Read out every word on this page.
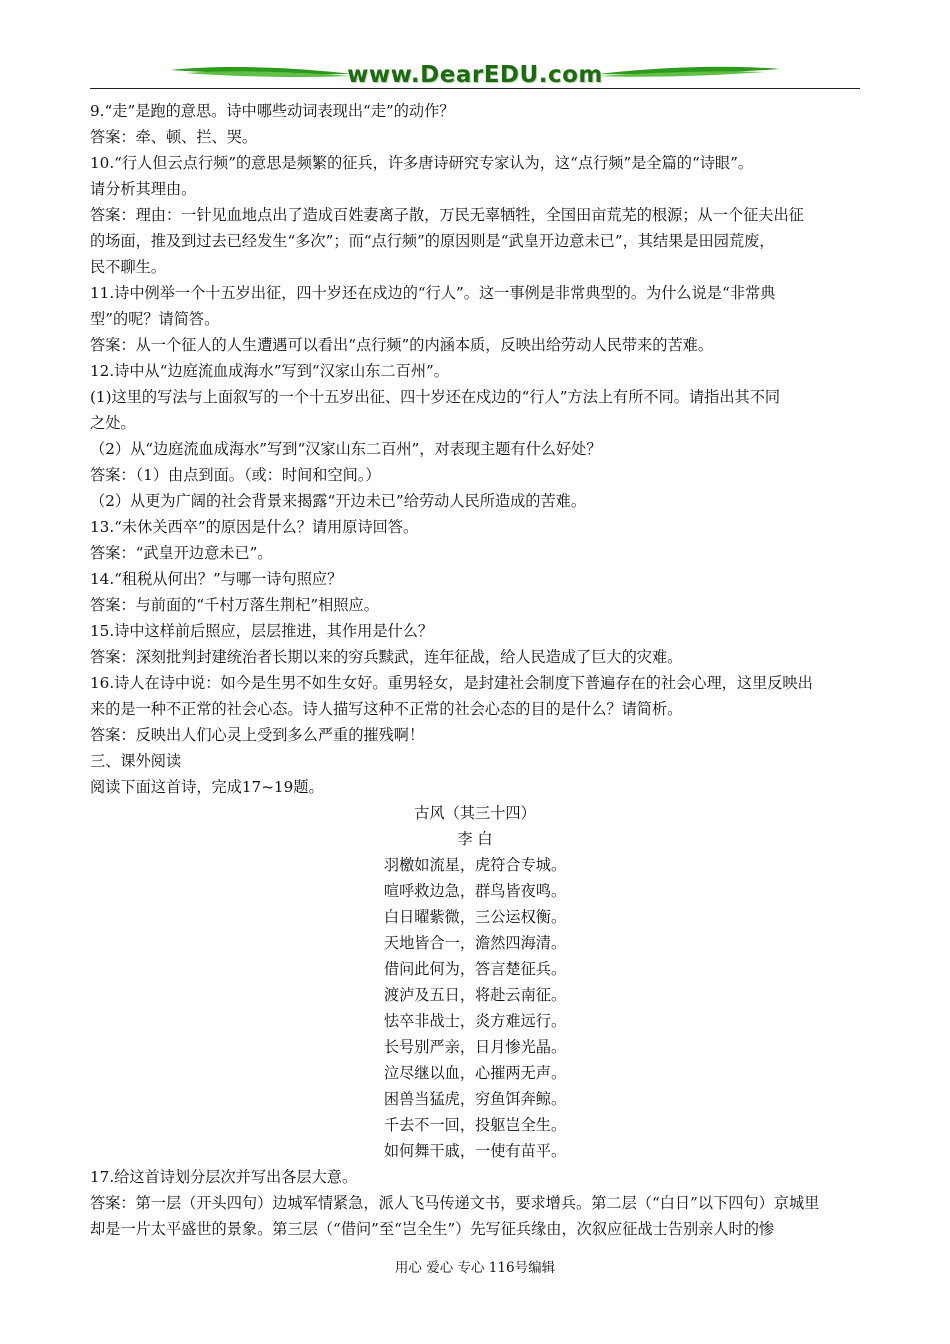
www.DearEDU.com
9.“走”是跑的意思。诗中哪些动词表现出“走”的动作？
答案：牵、顿、拦、哭。
10.“行人但云点行频”的意思是频繁的征兵，许多唐诗研究专家认为，这“点行频”是全篇的“诗眼”。
请分析其理由。
答案：理由：一针见血地点出了造成百姓妻离子散，万民无辜牺牲，全国田亩荒芜的根源；从一个征夫出征
的场面，推及到过去已经发生“多次”；而“点行频”的原因则是“武皇开边意未已”，其结果是田园荒废，
民不聊生。
11.诗中例举一个十五岁出征，四十岁还在戍边的“行人”。这一事例是非常典型的。为什么说是“非常典
型”的呢？请简答。
答案：从一个征人的人生遭遇可以看出“点行频”的内涵本质，反映出给劳动人民带来的苦难。
12.诗中从“边庭流血成海水”写到“汉家山东二百州”。
(1)这里的写法与上面叙写的一个十五岁出征、四十岁还在戍边的“行人”方法上有所不同。请指出其不同
之处。
（2）从“边庭流血成海水”写到“汉家山东二百州”，对表现主题有什么好处？
答案：（1）由点到面。（或：时间和空间。）
（2）从更为广阔的社会背景来揭露“开边未已”给劳动人民所造成的苦难。
13.“未休关西卒”的原因是什么？请用原诗回答。
答案：“武皇开边意未已”。
14.“租税从何出？”与哪一诗句照应？
答案：与前面的“千村万落生荆杞”相照应。
15.诗中这样前后照应，层层推进，其作用是什么？
答案：深刻批判封建统治者长期以来的穷兵黩武，连年征战，给人民造成了巨大的灾难。
16.诗人在诗中说：如今是生男不如生女好。重男轻女，是封建社会制度下普遍存在的社会心理，这里反映出
来的是一种不正常的社会心态。诗人描写这种不正常的社会心态的目的是什么？请简析。
答案：反映出人们心灵上受到多么严重的摧残啊！
三、课外阅读
阅读下面这首诗，完成17~19题。
古风（其三十四）
李 白
羽檄如流星，虎符合专城。
喧呼救边急，群鸟皆夜鸣。
白日曜紫微，三公运权衡。
天地皆合一，澹然四海清。
借问此何为，答言楚征兵。
渡泸及五日，将赴云南征。
怯卒非战士，炎方难远行。
长号别严亲，日月惨光晶。
泣尽继以血，心摧两无声。
困兽当猛虎，穷鱼饵奔鲸。
千去不一回，投躯岂全生。
如何舞干戚，一使有苗平。
17.给这首诗划分层次并写出各层大意。
答案：第一层（开头四句）边城军情紧急，派人飞马传递文书，要求增兵。第二层（“白日”以下四句）京城里
却是一片太平盛世的景象。第三层（“借问”至“岂全生”）先写征兵缘由，次叙应征战士告别亲人时的惨
用心 爱心 专心 116号编辑
